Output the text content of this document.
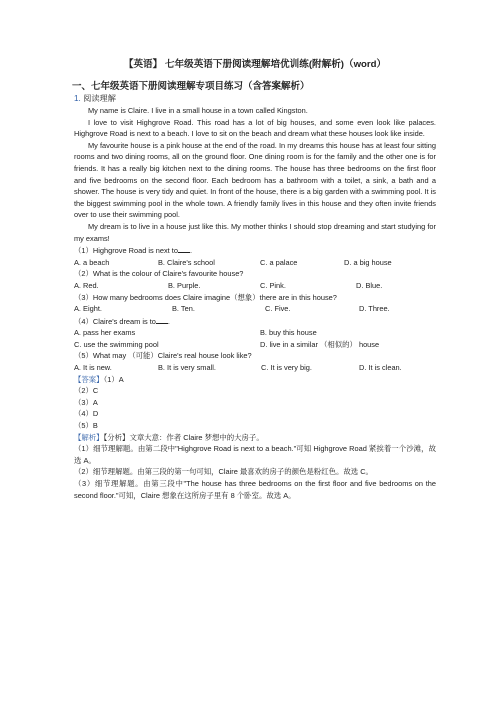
【英语】 七年级英语下册阅读理解培优训练(附解析)（word）
一、七年级英语下册阅读理解专项目练习（含答案解析）
1. 阅读理解

My name is Claire. I live in a small house in a town called Kingston.

I love to visit Highgrove Road. This road has a lot of big houses, and some even look like palaces. Highgrove Road is next to a beach. I love to sit on the beach and dream what these houses look like inside.

My favourite house is a pink house at the end of the road. In my dreams this house has at least four sitting rooms and two dining rooms, all on the ground floor. One dining room is for the family and the other one is for friends. It has a really big kitchen next to the dining rooms. The house has three bedrooms on the first floor and five bedrooms on the second floor. Each bedroom has a bathroom with a toilet, a sink, a bath and a shower. The house is very tidy and quiet. In front of the house, there is a big garden with a swimming pool. It is the biggest swimming pool in the whole town. A friendly family lives in this house and they often invite friends over to use their swimming pool.

My dream is to live in a house just like this. My mother thinks I should stop dreaming and start studying for my exams!

（1）Highgrove Road is next to .
A. a beach	B. Claire's school	C. a palace	D. a big house
（2）What is the colour of Claire's favourite house?
A. Red.	B. Purple.	C. Pink.	D. Blue.
（3）How many bedrooms does Claire imagine（想象）there are in this house?
A. Eight.	B. Ten.	C. Five.	D. Three.
（4）Claire's dream is to .
A. pass her exams	B. buy this house
C. use the swimming pool	D. live in a similar （相似的） house
（5）What may （可能）Claire's real house look like?
A. It is new.	B. It is very small.	C. It is very big.	D. It is clean.
【答案】（1）A
（2）C
（3）A
（4）D
（5）B
【解析】【分析】文章大意：作者 Claire 梦想中的大房子。
（1）细节理解题。由第二段中"Highgrove Road is next to a beach."可知 Highgrove Road 紧挨着一个沙滩，故选 A。
（2）细节理解题。由第三段的第一句可知，Claire 最喜欢的房子的颜色是粉红色。故选 C。
（3）细节理解题。由第三段中"The house has three bedrooms on the first floor and five bedrooms on the second floor."可知，Claire 想象在这所房子里有 8 个卧室。故选 A。
